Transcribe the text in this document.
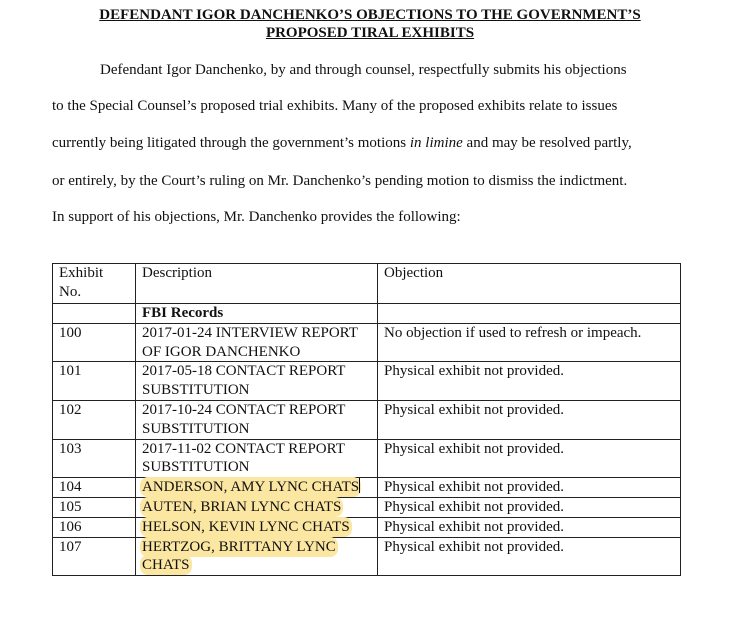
DEFENDANT IGOR DANCHENKO’S OBJECTIONS TO THE GOVERNMENT’S
PROPOSED TIRAL EXHIBITS
Defendant Igor Danchenko, by and through counsel, respectfully submits his objections
to the Special Counsel’s proposed trial exhibits. Many of the proposed exhibits relate to issues
currently being litigated through the government’s motions in limine and may be resolved partly,
or entirely, by the Court’s ruling on Mr. Danchenko’s pending motion to dismiss the indictment.
In support of his objections, Mr. Danchenko provides the following:
Exhibit
No.	Description	Objection
	FBI Records	
100	2017-01-24 INTERVIEW REPORT OF IGOR DANCHENKO	No objection if used to refresh or impeach.
101	2017-05-18 CONTACT REPORT SUBSTITUTION	Physical exhibit not provided.
102	2017-10-24 CONTACT REPORT SUBSTITUTION	Physical exhibit not provided.
103	2017-11-02 CONTACT REPORT SUBSTITUTION	Physical exhibit not provided.
104	ANDERSON, AMY LYNC CHATS	Physical exhibit not provided.
105	AUTEN, BRIAN LYNC CHATS	Physical exhibit not provided.
106	HELSON, KEVIN LYNC CHATS	Physical exhibit not provided.
107	HERTZOG, BRITTANY LYNC CHATS	Physical exhibit not provided.
